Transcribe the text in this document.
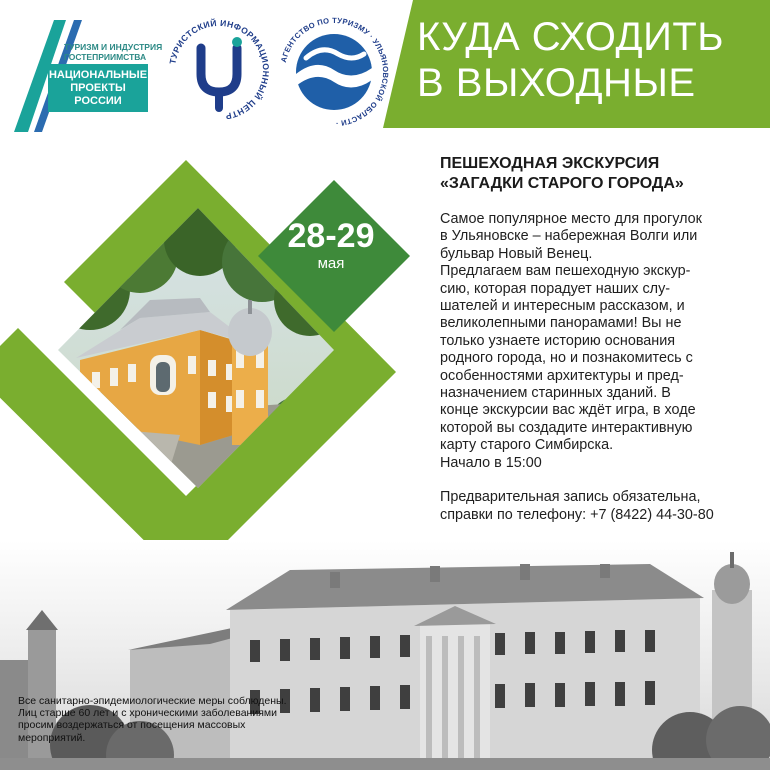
ТУРИЗМ И ИНДУСТРИЯ
ГОСТЕПРИИМСТВА
НАЦИОНАЛЬНЫЕ
ПРОЕКТЫ
РОССИИ
ТУРИСТСКИЙ ИНФОРМАЦИОННЫЙ ЦЕНТР
АГЕНТСТВО ПО ТУРИЗМУ · УЛЬЯНОВСКОЙ ОБЛАСТИ ·
КУДА СХОДИТЬ
В ВЫХОДНЫЕ
28-29
мая
ПЕШЕХОДНАЯ ЭКСКУРСИЯ
«ЗАГАДКИ СТАРОГО ГОРОДА»
Самое популярное место для прогулок
в Ульяновске – набережная Волги или
бульвар Новый Венец.
Предлагаем вам пешеходную экскур-
сию, которая порадует наших слу-
шателей и интересным рассказом, и
великолепными панорамами! Вы не
только узнаете историю основания
родного города, но и познакомитесь с
особенностями архитектуры и пред-
назначением старинных зданий. В
конце экскурсии вас ждёт игра, в ходе
которой вы создадите интерактивную
карту старого Симбирска.
Начало в 15:00
Предварительная запись обязательна,
справки по телефону: +7 (8422) 44-30-80
Все санитарно-эпидемиологические меры соблюдены.
Лиц старше 60 лет и с хроническими заболеваниями
просим воздержаться от посещения массовых
мероприятий.
